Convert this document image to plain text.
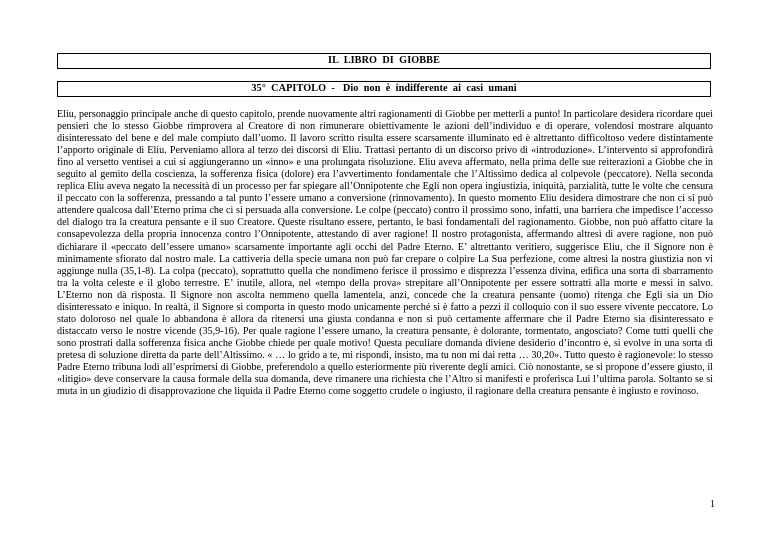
IL  LIBRO  DI  GIOBBE
35°  CAPITOLO  -   Dio  non  è  indifferente  ai  casi  umani

Eliu, personaggio principale anche di questo capitolo, prende nuovamente altri ragionamenti di Giobbe per metterli a punto! In particolare desidera ricordare quei pensieri che lo stesso Giobbe rimprovera al Creatore di non rimunerare obiettivamente le azioni dell’individuo e di operare, volendosi mostrare alquanto disinteressato del bene e del male compiuto dall’uomo. Il lavoro scritto risulta essere scarsamente illuminato ed è altrettanto difficoltoso vedere distintamente l’apporto originale di Eliu. Perveniamo allora al terzo dei discorsi di Eliu. Trattasi pertanto di un discorso privo di «introduzione». L’intervento si approfondirà fino al versetto ventisei a cui si aggiungeranno un «inno» e una prolungata risoluzione. Eliu aveva affermato, nella prima delle sue reiterazioni a Giobbe che in seguito al gemito della coscienza, la sofferenza fisica (dolore) era l’avvertimento fondamentale che l’Altissimo dedica al colpevole (peccatore). Nella seconda replica Eliu aveva negato la necessità di un processo per far spiegare all’Onnipotente che Egli non opera ingiustizia, iniquità, parzialità, tutte le volte che censura il peccato con la sofferenza, pressando a tal punto l’essere umano a conversione (rinnovamento). In questo momento Eliu desidera dimostrare che non ci si può attendere qualcosa dall’Eterno prima che ci si persuada alla conversione. Le colpe (peccato) contro il prossimo sono, infatti, una barriera che impedisce l’accesso del dialogo tra la creatura pensante e il suo Creatore. Queste risultano essere, pertanto, le basi fondamentali del ragionamento. Giobbe, non può affatto citare la consapevolezza della propria innocenza contro l’Onnipotente, attestando di aver ragione! Il nostro protagonista, affermando altresì di avere ragione, non può dichiarare il «peccato dell’essere umano» scarsamente importante agli occhi del Padre Eterno. E’ altrettanto veritiero, suggerisce Eliu, che il Signore non è minimamente sfiorato dal nostro male. La cattiveria della specie umana non può far crepare o colpire La Sua perfezione, come altresì la nostra giustizia non vi aggiunge nulla (35,1-8). La colpa (peccato), soprattutto quella che nondimeno ferisce il prossimo e disprezza l’essenza divina, edifica una sorta di sbarramento tra la volta celeste e il globo terrestre. E’ inutile, allora, nel «tempo della prova» strepitare all’Onnipotente per essere sottratti alla morte e messi in salvo. L’Eterno non dà risposta. Il Signore non ascolta nemmeno quella lamentela, anzi, concede che la creatura pensante (uomo) ritenga che Egli sia un Dio disinteressato e iniquo. In realtà, il Signore si comporta in questo modo unicamente perché si è fatto a pezzi il colloquio con il suo essere vivente peccatore. Lo stato doloroso nel quale lo abbandona è allora da ritenersi una giusta condanna e non si può certamente affermare che il Padre Eterno sia disinteressato e distaccato verso le nostre vicende (35,9-16). Per quale ragione l’essere umano, la creatura pensante, è dolorante, tormentato, angosciato? Come tutti quelli che sono prostrati dalla sofferenza fisica anche Giobbe chiede per quale motivo! Questa peculiare domanda diviene desiderio d’incontro e, si evolve in una sorta di pretesa di soluzione diretta da parte dell’Altissimo. « … lo grido a te, mi rispondi, insisto, ma tu non mi dai retta … 30,20». Tutto questo è ragionevole: lo stesso Padre Eterno tribuna lodi all’esprimersi di Giobbe, preferendolo a quello esteriormente più riverente degli amici. Ciò nonostante, se si propone d’essere giusto, il «litigio» deve conservare la causa formale della sua domanda, deve rimanere una richiesta che l’Altro si manifesti e proferisca Lui l’ultima parola. Soltanto se si muta in un giudizio di disapprovazione che liquida il Padre Eterno come soggetto crudele o ingiusto, il ragionare della creatura pensante è ingiusto e rovinoso.

1
